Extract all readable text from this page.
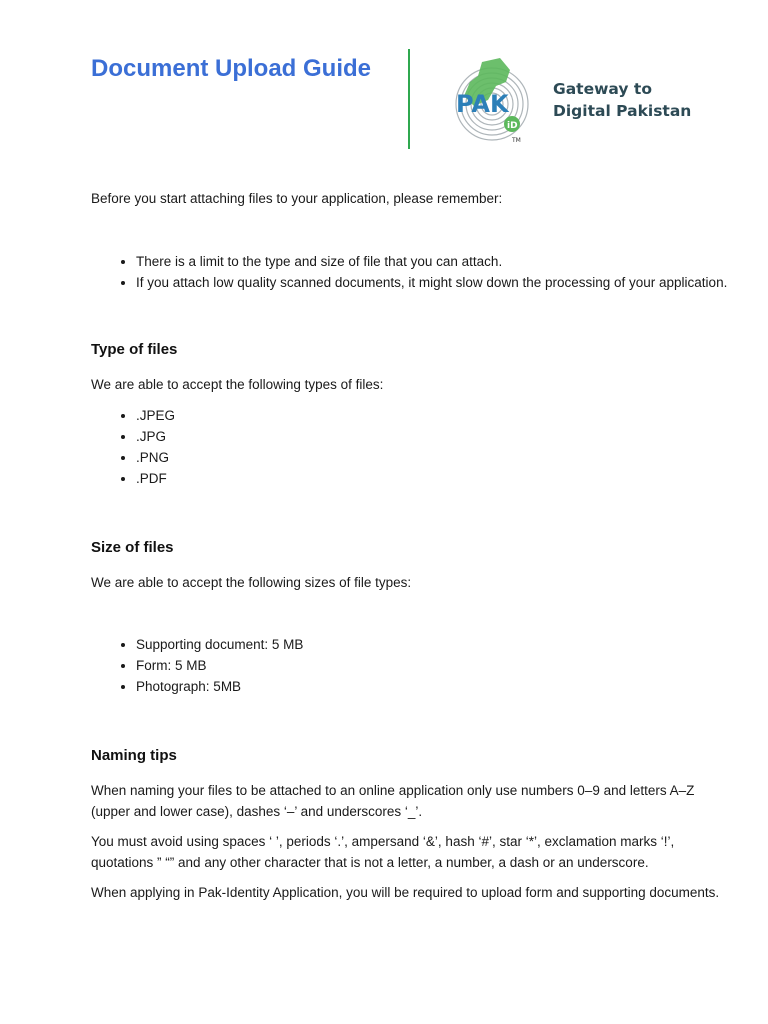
Document Upload Guide
PAK
iD
TM
Gateway to
Digital Pakistan

Before you start attaching files to your application, please remember:

• There is a limit to the type and size of file that you can attach.
• If you attach low quality scanned documents, it might slow down the processing of your application.
Type of files

We are able to accept the following types of files:

• .JPEG
• .JPG
• .PNG
• .PDF
Size of files

We are able to accept the following sizes of file types:

• Supporting document: 5 MB
• Form: 5 MB
• Photograph: 5MB
Naming tips

When naming your files to be attached to an online application only use numbers 0–9 and letters A–Z (upper and lower case), dashes ‘–’ and underscores ‘_’.

You must avoid using spaces ‘ ’, periods ‘.’, ampersand ‘&’, hash ‘#’, star ‘*’, exclamation marks ‘!’, quotations ” “” and any other character that is not a letter, a number, a dash or an underscore.

When applying in Pak-Identity Application, you will be required to upload form and supporting documents.
